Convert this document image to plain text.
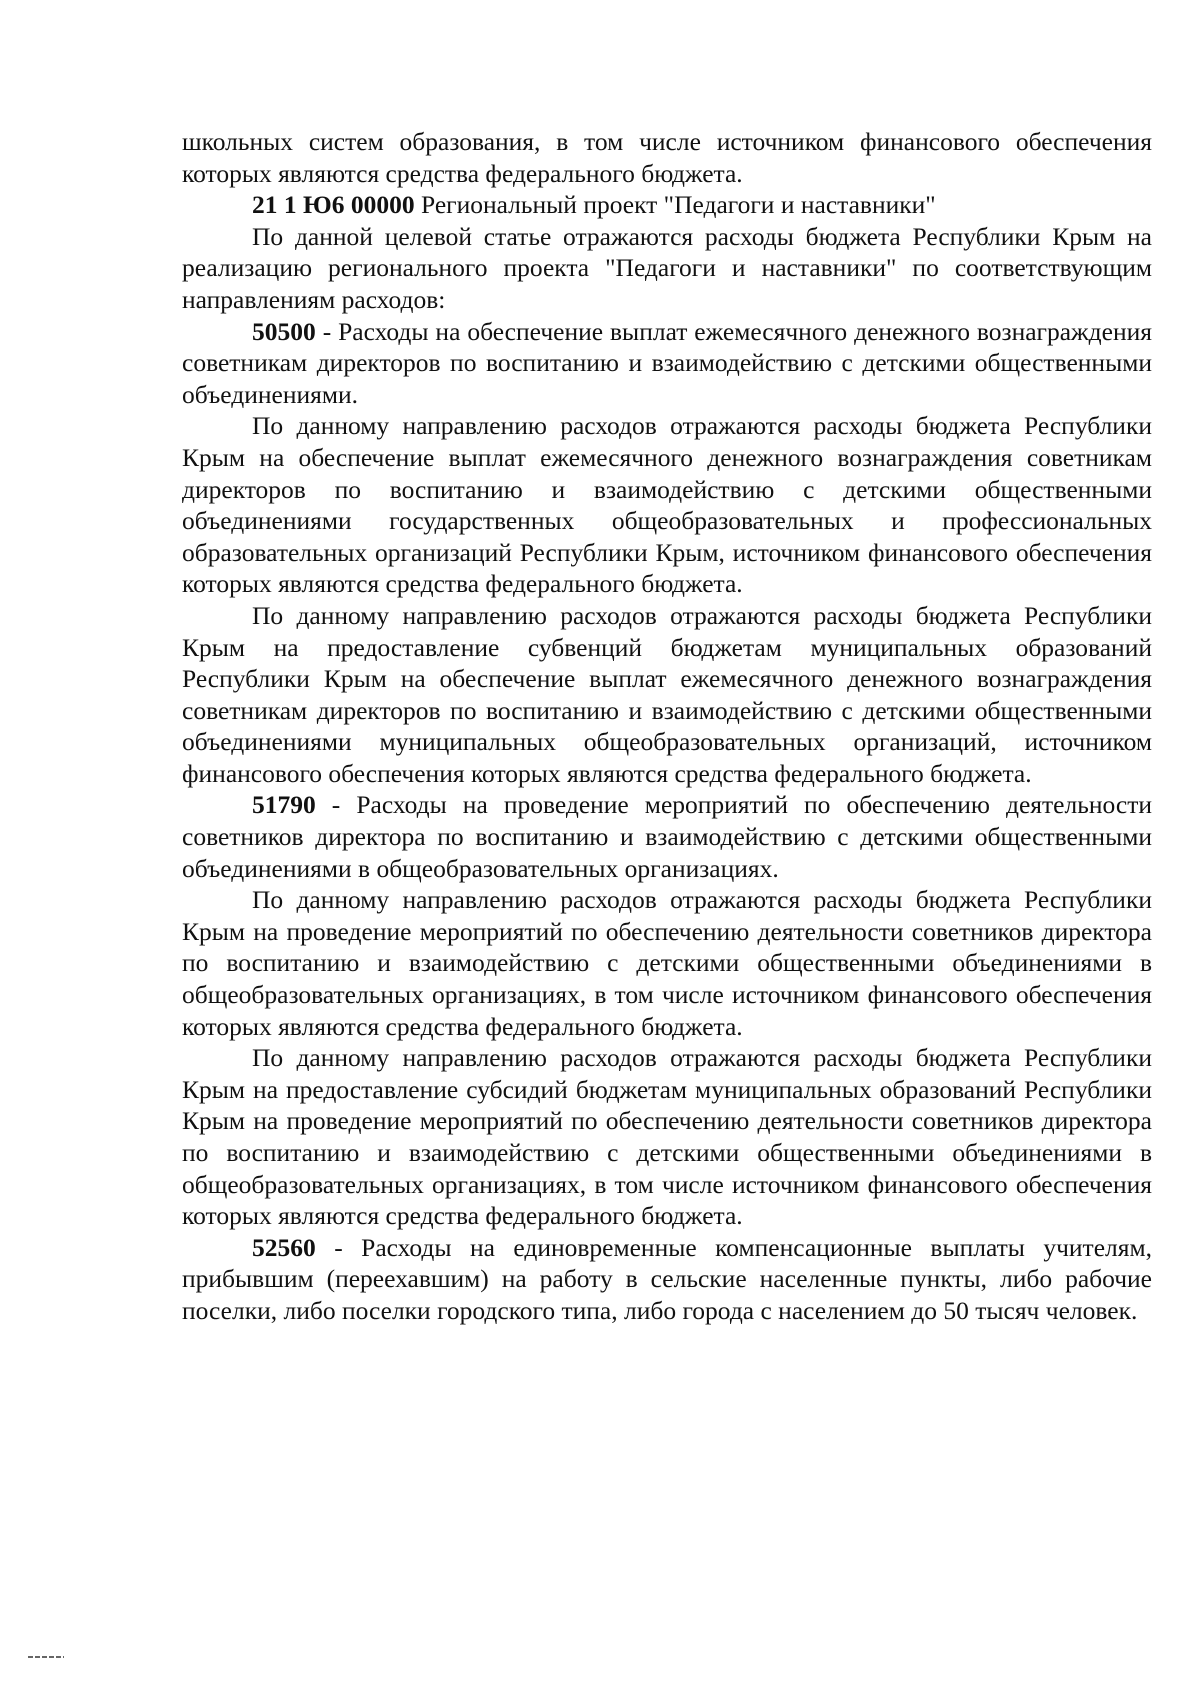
школьных систем образования, в том числе источником финансового обеспечения которых являются средства федерального бюджета.

21 1 Ю6 00000 Региональный проект "Педагоги и наставники"

По данной целевой статье отражаются расходы бюджета Республики Крым на реализацию регионального проекта "Педагоги и наставники" по соответствующим направлениям расходов:

50500 - Расходы на обеспечение выплат ежемесячного денежного вознаграждения советникам директоров по воспитанию и взаимодействию с детскими общественными объединениями.

По данному направлению расходов отражаются расходы бюджета Республики Крым на обеспечение выплат ежемесячного денежного вознаграждения советникам директоров по воспитанию и взаимодействию с детскими общественными объединениями государственных общеобразовательных и профессиональных образовательных организаций Республики Крым, источником финансового обеспечения которых являются средства федерального бюджета.

По данному направлению расходов отражаются расходы бюджета Республики Крым на предоставление субвенций бюджетам муниципальных образований Республики Крым на обеспечение выплат ежемесячного денежного вознаграждения советникам директоров по воспитанию и взаимодействию с детскими общественными объединениями муниципальных общеобразовательных организаций, источником финансового обеспечения которых являются средства федерального бюджета.

51790 - Расходы на проведение мероприятий по обеспечению деятельности советников директора по воспитанию и взаимодействию с детскими общественными объединениями в общеобразовательных организациях.

По данному направлению расходов отражаются расходы бюджета Республики Крым на проведение мероприятий по обеспечению деятельности советников директора по воспитанию и взаимодействию с детскими общественными объединениями в общеобразовательных организациях, в том числе источником финансового обеспечения которых являются средства федерального бюджета.

По данному направлению расходов отражаются расходы бюджета Республики Крым на предоставление субсидий бюджетам муниципальных образований Республики Крым на проведение мероприятий по обеспечению деятельности советников директора по воспитанию и взаимодействию с детскими общественными объединениями в общеобразовательных организациях, в том числе источником финансового обеспечения которых являются средства федерального бюджета.

52560 - Расходы на единовременные компенсационные выплаты учителям, прибывшим (переехавшим) на работу в сельские населенные пункты, либо рабочие поселки, либо поселки городского типа, либо города с населением до 50 тысяч человек.
